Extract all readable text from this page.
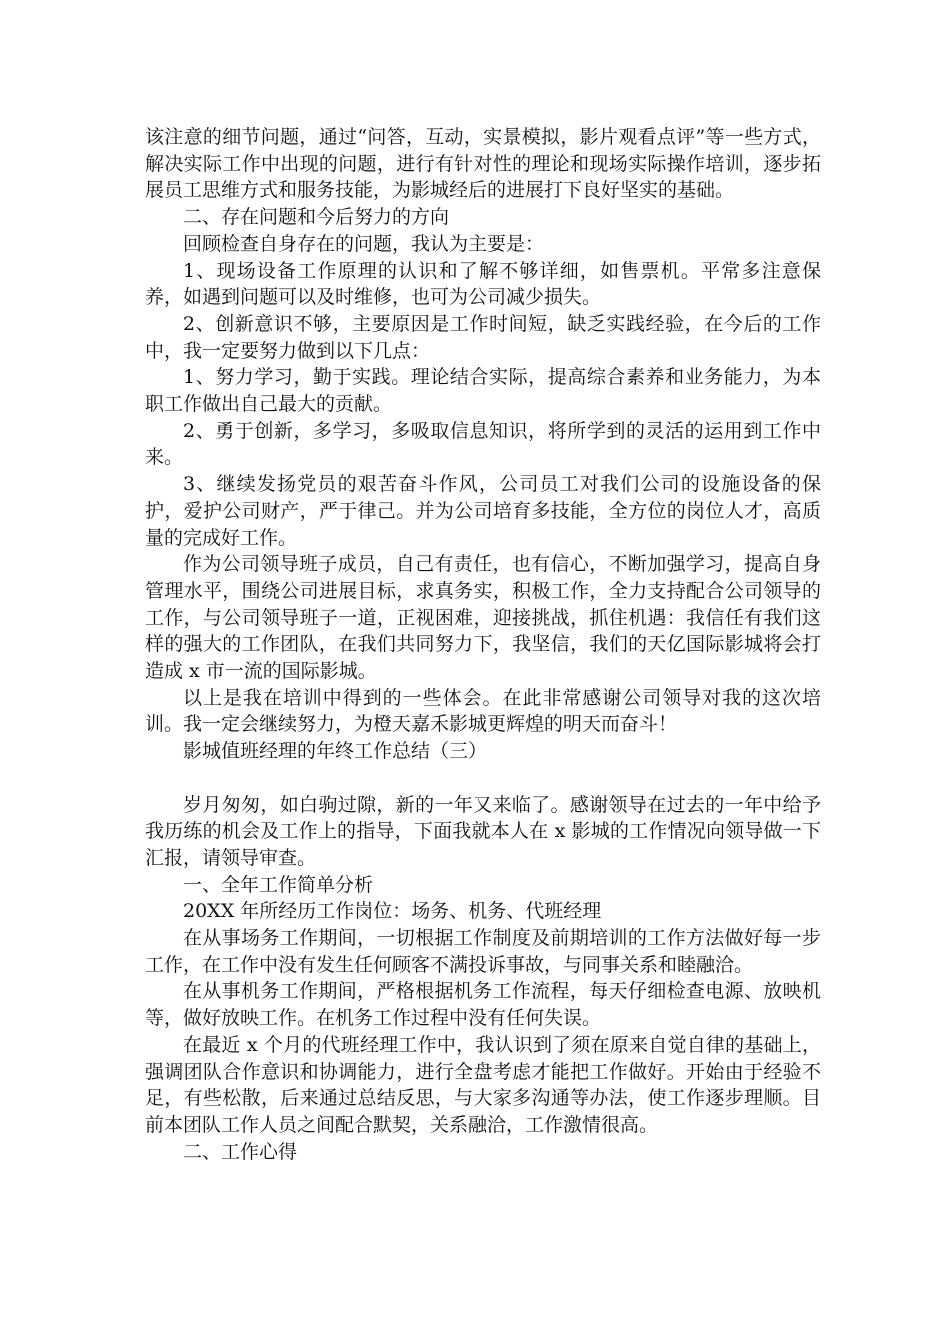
该注意的细节问题，通过“问答，互动，实景模拟，影片观看点评”等一些方式，解决实际工作中出现的问题，进行有针对性的理论和现场实际操作培训，逐步拓展员工思维方式和服务技能，为影城经后的进展打下良好坚实的基础。

二、存在问题和今后努力的方向

回顾检查自身存在的问题，我认为主要是：

1、现场设备工作原理的认识和了解不够详细，如售票机。平常多注意保养，如遇到问题可以及时维修，也可为公司减少损失。

2、创新意识不够，主要原因是工作时间短，缺乏实践经验，在今后的工作中，我一定要努力做到以下几点：

1、努力学习，勤于实践。理论结合实际，提高综合素养和业务能力，为本职工作做出自己最大的贡献。

2、勇于创新，多学习，多吸取信息知识，将所学到的灵活的运用到工作中来。

3、继续发扬党员的艰苦奋斗作风，公司员工对我们公司的设施设备的保护，爱护公司财产，严于律己。并为公司培育多技能，全方位的岗位人才，高质量的完成好工作。

作为公司领导班子成员，自己有责任，也有信心，不断加强学习，提高自身管理水平，围绕公司进展目标，求真务实，积极工作，全力支持配合公司领导的工作，与公司领导班子一道，正视困难，迎接挑战，抓住机遇：我信任有我们这样的强大的工作团队，在我们共同努力下，我坚信，我们的天亿国际影城将会打造成 x 市一流的国际影城。

以上是我在培训中得到的一些体会。在此非常感谢公司领导对我的这次培训。我一定会继续努力，为橙天嘉禾影城更辉煌的明天而奋斗！

影城值班经理的年终工作总结（三）

岁月匆匆，如白驹过隙，新的一年又来临了。感谢领导在过去的一年中给予我历练的机会及工作上的指导，下面我就本人在 x 影城的工作情况向领导做一下汇报，请领导审查。

一、全年工作简单分析

20XX 年所经历工作岗位：场务、机务、代班经理

在从事场务工作期间，一切根据工作制度及前期培训的工作方法做好每一步工作，在工作中没有发生任何顾客不满投诉事故，与同事关系和睦融洽。

在从事机务工作期间，严格根据机务工作流程，每天仔细检查电源、放映机等，做好放映工作。在机务工作过程中没有任何失误。

在最近 x 个月的代班经理工作中，我认识到了须在原来自觉自律的基础上，强调团队合作意识和协调能力，进行全盘考虑才能把工作做好。开始由于经验不足，有些松散，后来通过总结反思，与大家多沟通等办法，使工作逐步理顺。目前本团队工作人员之间配合默契，关系融洽，工作激情很高。

二、工作心得
